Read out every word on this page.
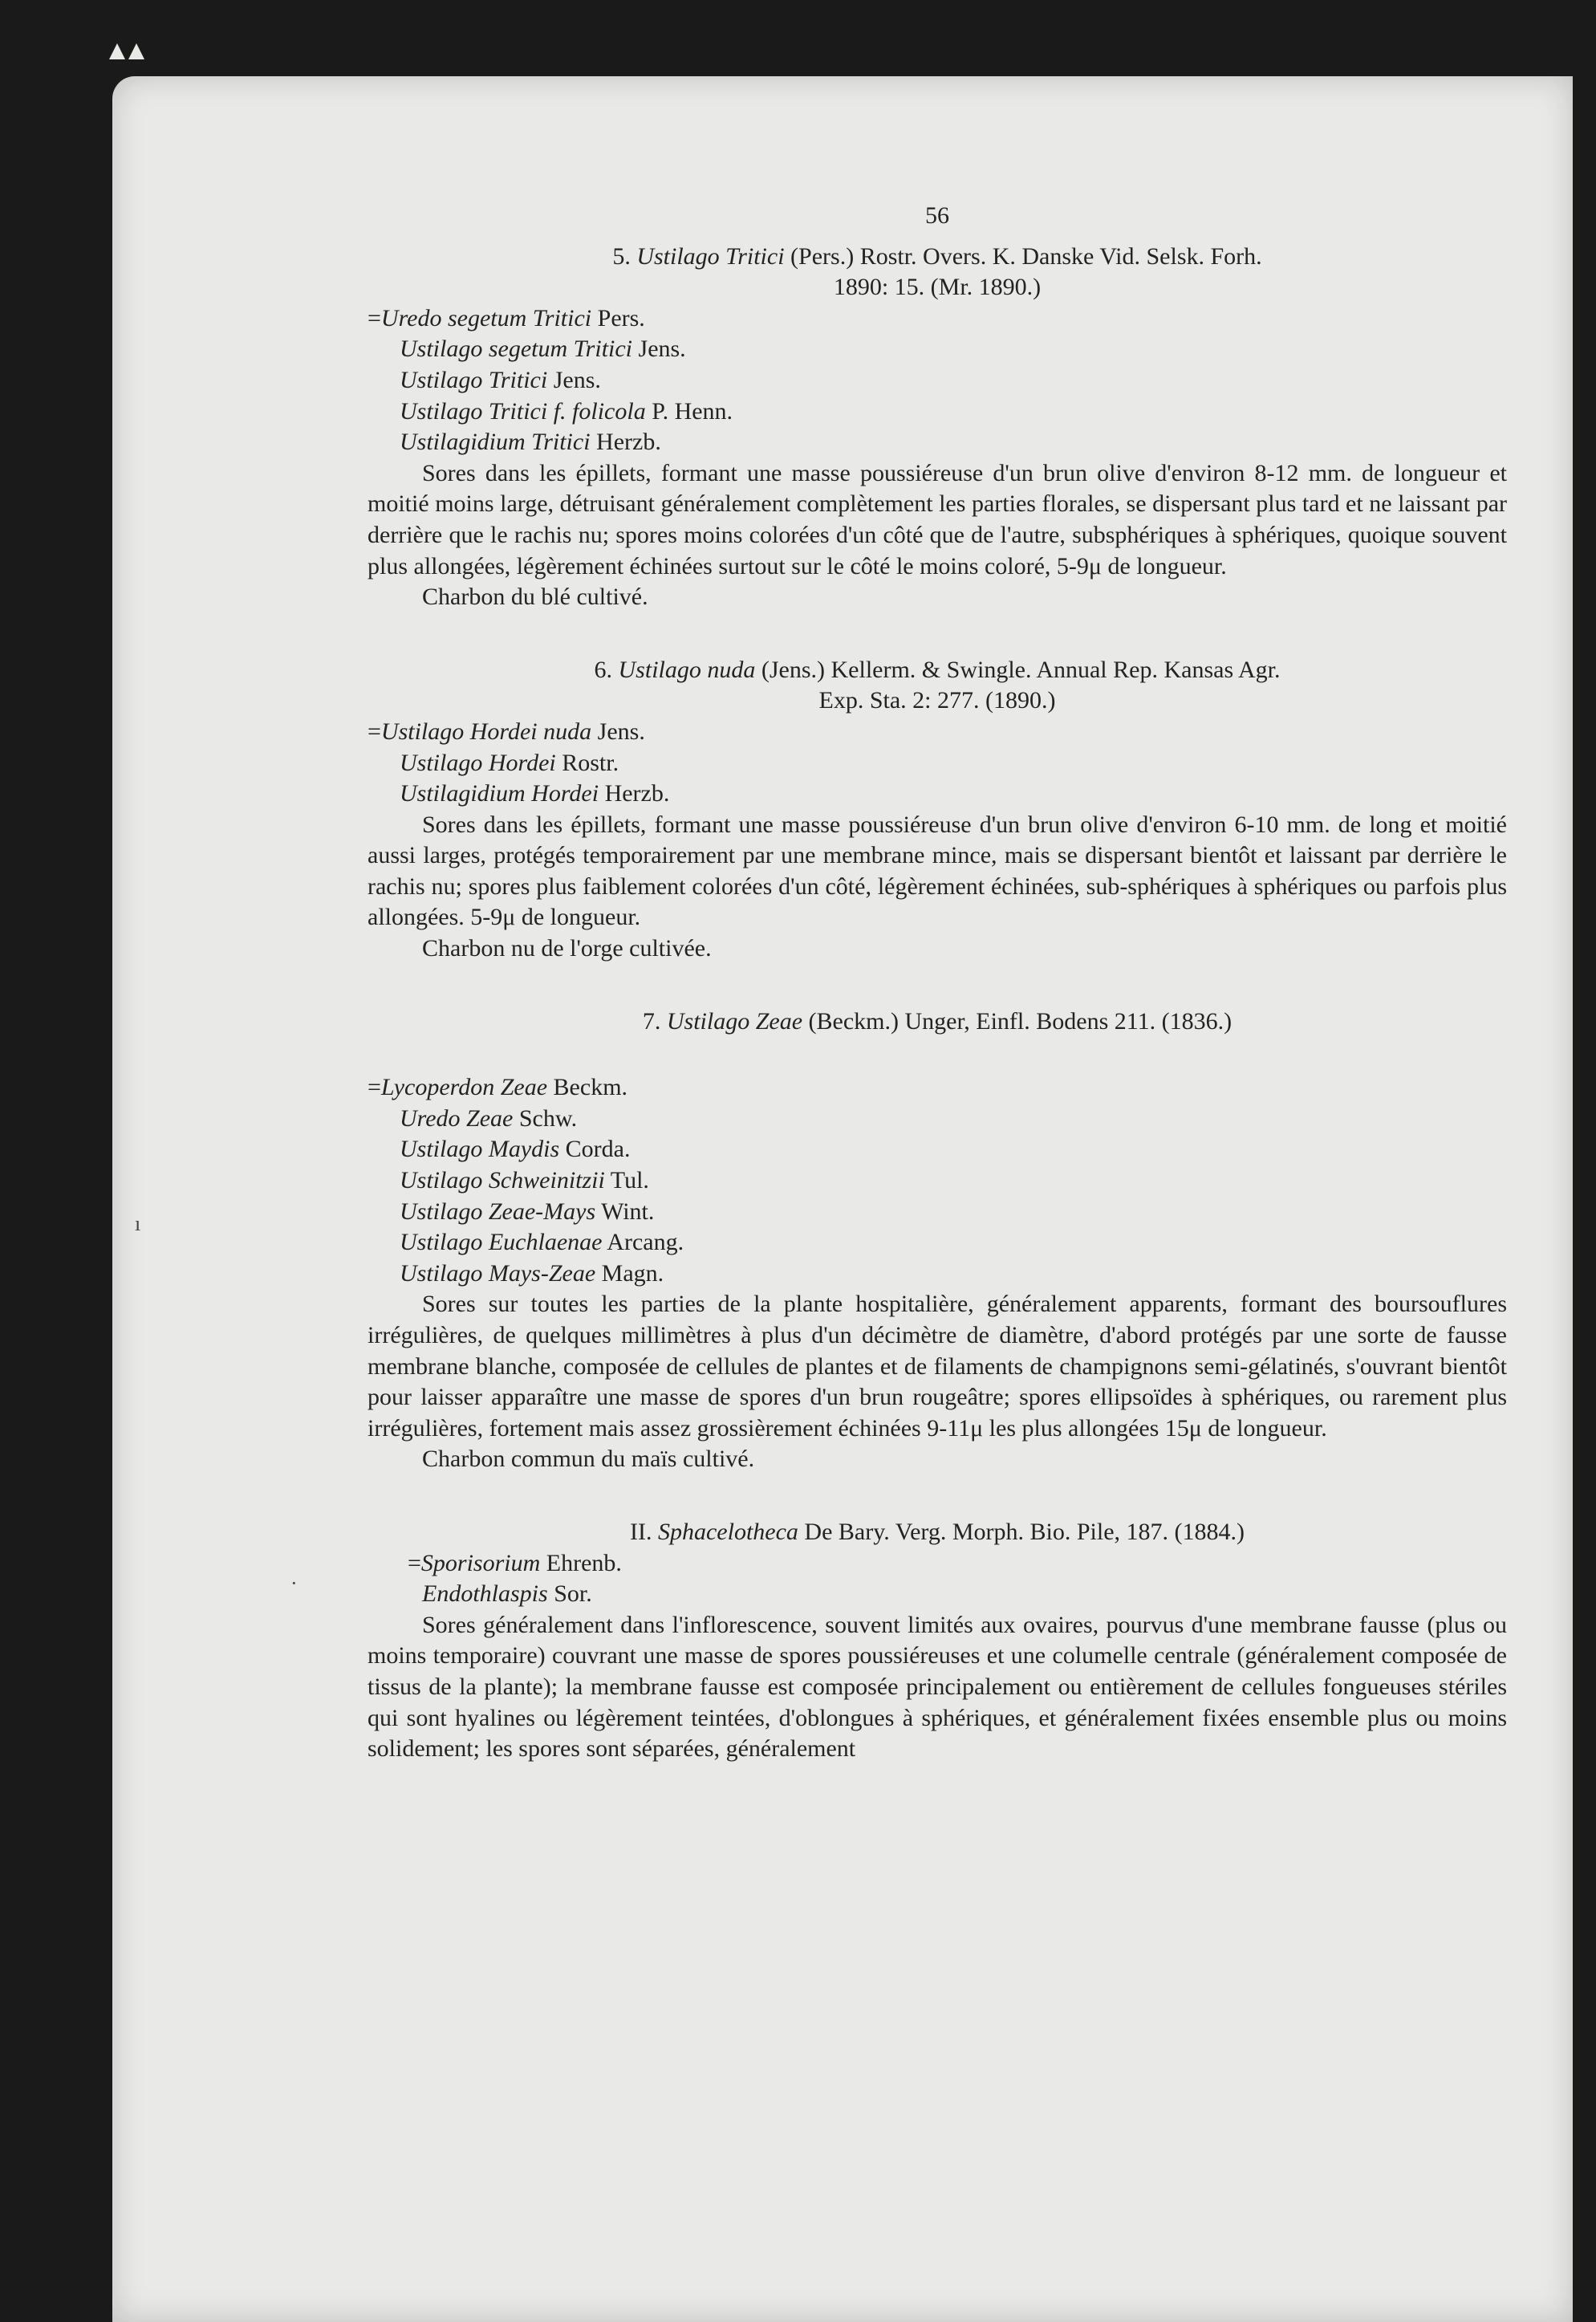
ı
·
56

5. Ustilago Tritici (Pers.) Rostr. Overs. K. Danske Vid. Selsk. Forh.

1890: 15. (Mr. 1890.)

=Uredo segetum Tritici Pers.

Ustilago segetum Tritici Jens.

Ustilago Tritici Jens.

Ustilago Tritici f. folicola P. Henn.

Ustilagidium Tritici Herzb.

Sores dans les épillets, formant une masse poussiéreuse d'un brun olive d'environ 8-12 mm. de longueur et moitié moins large, détruisant généralement complètement les parties florales, se dispersant plus tard et ne laissant par derrière que le rachis nu; spores moins colorées d'un côté que de l'autre, subsphériques à sphériques, quoique souvent plus allongées, légèrement échinées surtout sur le côté le moins coloré, 5-9μ de longueur.

Charbon du blé cultivé.

6. Ustilago nuda (Jens.) Kellerm. & Swingle. Annual Rep. Kansas Agr.

Exp. Sta. 2: 277. (1890.)

=Ustilago Hordei nuda Jens.

Ustilago Hordei Rostr.

Ustilagidium Hordei Herzb.

Sores dans les épillets, formant une masse poussiéreuse d'un brun olive d'environ 6-10 mm. de long et moitié aussi larges, protégés temporairement par une membrane mince, mais se dispersant bientôt et laissant par derrière le rachis nu; spores plus faiblement colorées d'un côté, légèrement échinées, sub-sphériques à sphériques ou parfois plus allongées. 5-9μ de longueur.

Charbon nu de l'orge cultivée.

7. Ustilago Zeae (Beckm.) Unger, Einfl. Bodens 211. (1836.)

=Lycoperdon Zeae Beckm.

Uredo Zeae Schw.

Ustilago Maydis Corda.

Ustilago Schweinitzii Tul.

Ustilago Zeae-Mays Wint.

Ustilago Euchlaenae Arcang.

Ustilago Mays-Zeae Magn.

Sores sur toutes les parties de la plante hospitalière, généralement apparents, formant des boursouflures irrégulières, de quelques millimètres à plus d'un décimètre de diamètre, d'abord protégés par une sorte de fausse membrane blanche, composée de cellules de plantes et de filaments de champignons semi-gélatinés, s'ouvrant bientôt pour laisser apparaître une masse de spores d'un brun rougeâtre; spores ellipsoïdes à sphériques, ou rarement plus irrégulières, fortement mais assez grossièrement échinées 9-11μ les plus allongées 15μ de longueur.

Charbon commun du maïs cultivé.

II. Sphacelotheca De Bary. Verg. Morph. Bio. Pile, 187. (1884.)

=Sporisorium Ehrenb.

Endothlaspis Sor.

Sores généralement dans l'inflorescence, souvent limités aux ovaires, pourvus d'une membrane fausse (plus ou moins temporaire) couvrant une masse de spores poussiéreuses et une columelle centrale (généralement composée de tissus de la plante); la membrane fausse est composée principalement ou entièrement de cellules fongueuses stériles qui sont hyalines ou légèrement teintées, d'oblongues à sphériques, et généralement fixées ensemble plus ou moins solidement; les spores sont séparées, généralement
